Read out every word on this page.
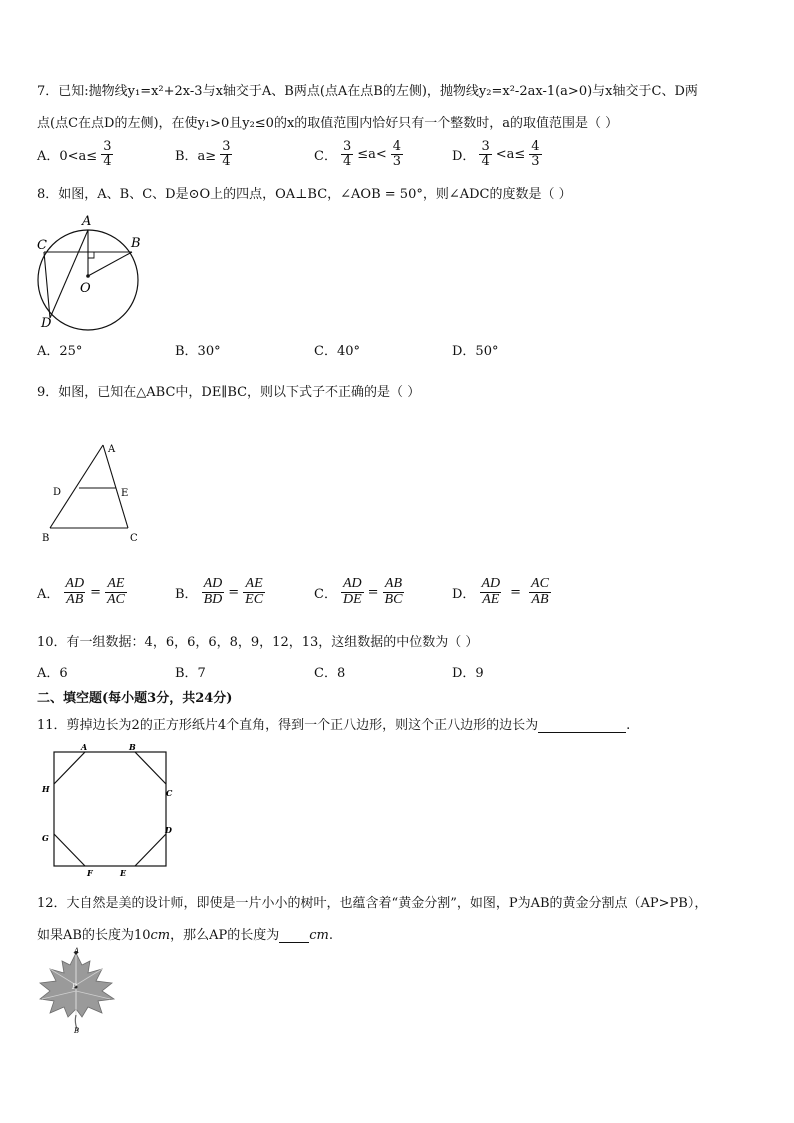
7．已知:抛物线y₁=x²+2x-3与x轴交于A、B两点(点A在点B的左侧)，抛物线y₂=x²-2ax-1(a>0)与x轴交于C、D两
点(点C在点D的左侧)，在使y₁>0且y₂≤0的x的取值范围内恰好只有一个整数时，a的取值范围是（ ）
A．$0<a\le \frac{3}{4}$	B．$a\ge \frac{3}{4}$	C． $\frac{3}{4} \le a< \frac{4}{3}$	D． $\frac{3}{4} <a\le \frac{4}{3}$
8．如图，A、B、C、D是⊙O上的四点，OA⊥BC，∠AOB = 50°，则∠ADC的度数是（ ）
A
B
C
D
O
A．25°	B．30°	C．40°	D．50°
9．如图，已知在△ABC中，DE∥BC，则以下式子不正确的是（ ）
A
D	E
B	C
A． $\frac{AD}{AB} = \frac{AE}{AC}$	B． $\frac{AD}{BD} = \frac{AE}{EC}$	C． $\frac{AD}{DE} = \frac{AB}{BC}$	D． $\frac{AD}{AE} = \frac{AC}{AB}$
10．有一组数据：4，6，6，6，8，9，12，13，这组数据的中位数为（ ）
A．6	B．7	C．8	D．9
二、填空题(每小题3分，共24分)
11．剪掉边长为2的正方形纸片4个直角，得到一个正八边形，则这个正八边形的边长为	.
A	B
C
D
E
F
G
H
12．大自然是美的设计师，即使是一片小小的树叶，也蕴含着“黄金分割”，如图，P为AB的黄金分割点（AP>PB），
如果AB的长度为10cm，那么AP的长度为 cm.
A
P
B
